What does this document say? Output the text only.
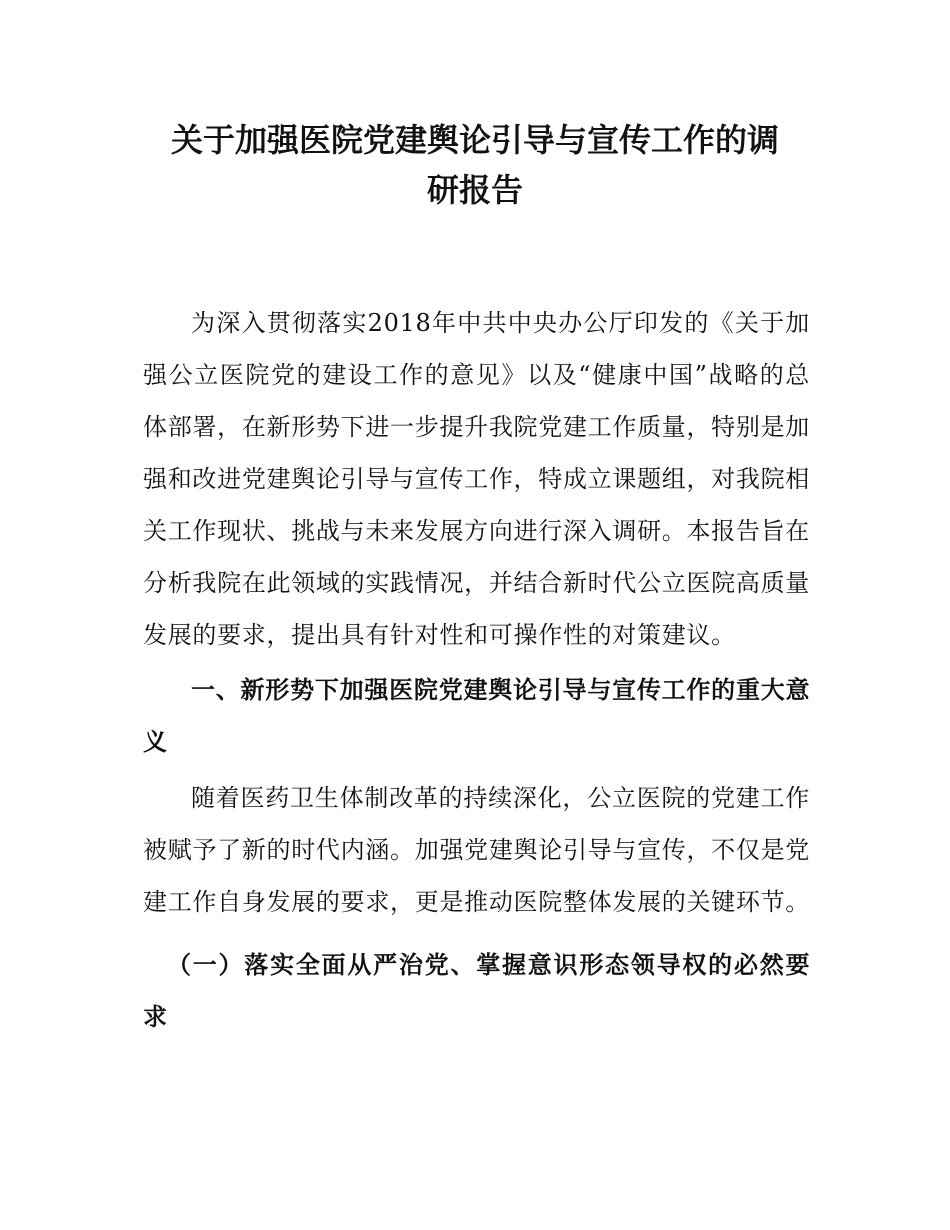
关于加强医院党建舆论引导与宣传工作的调
研报告
为深入贯彻落实2018年中共中央办公厅印发的《关于加
强公立医院党的建设工作的意见》以及“健康中国”战略的总
体部署，在新形势下进一步提升我院党建工作质量，特别是加
强和改进党建舆论引导与宣传工作，特成立课题组，对我院相
关工作现状、挑战与未来发展方向进行深入调研。本报告旨在
分析我院在此领域的实践情况，并结合新时代公立医院高质量
发展的要求，提出具有针对性和可操作性的对策建议。
一、新形势下加强医院党建舆论引导与宣传工作的重大意
义
随着医药卫生体制改革的持续深化，公立医院的党建工作
被赋予了新的时代内涵。加强党建舆论引导与宣传，不仅是党
建工作自身发展的要求，更是推动医院整体发展的关键环节。
（一）落实全面从严治党、掌握意识形态领导权的必然要
求
